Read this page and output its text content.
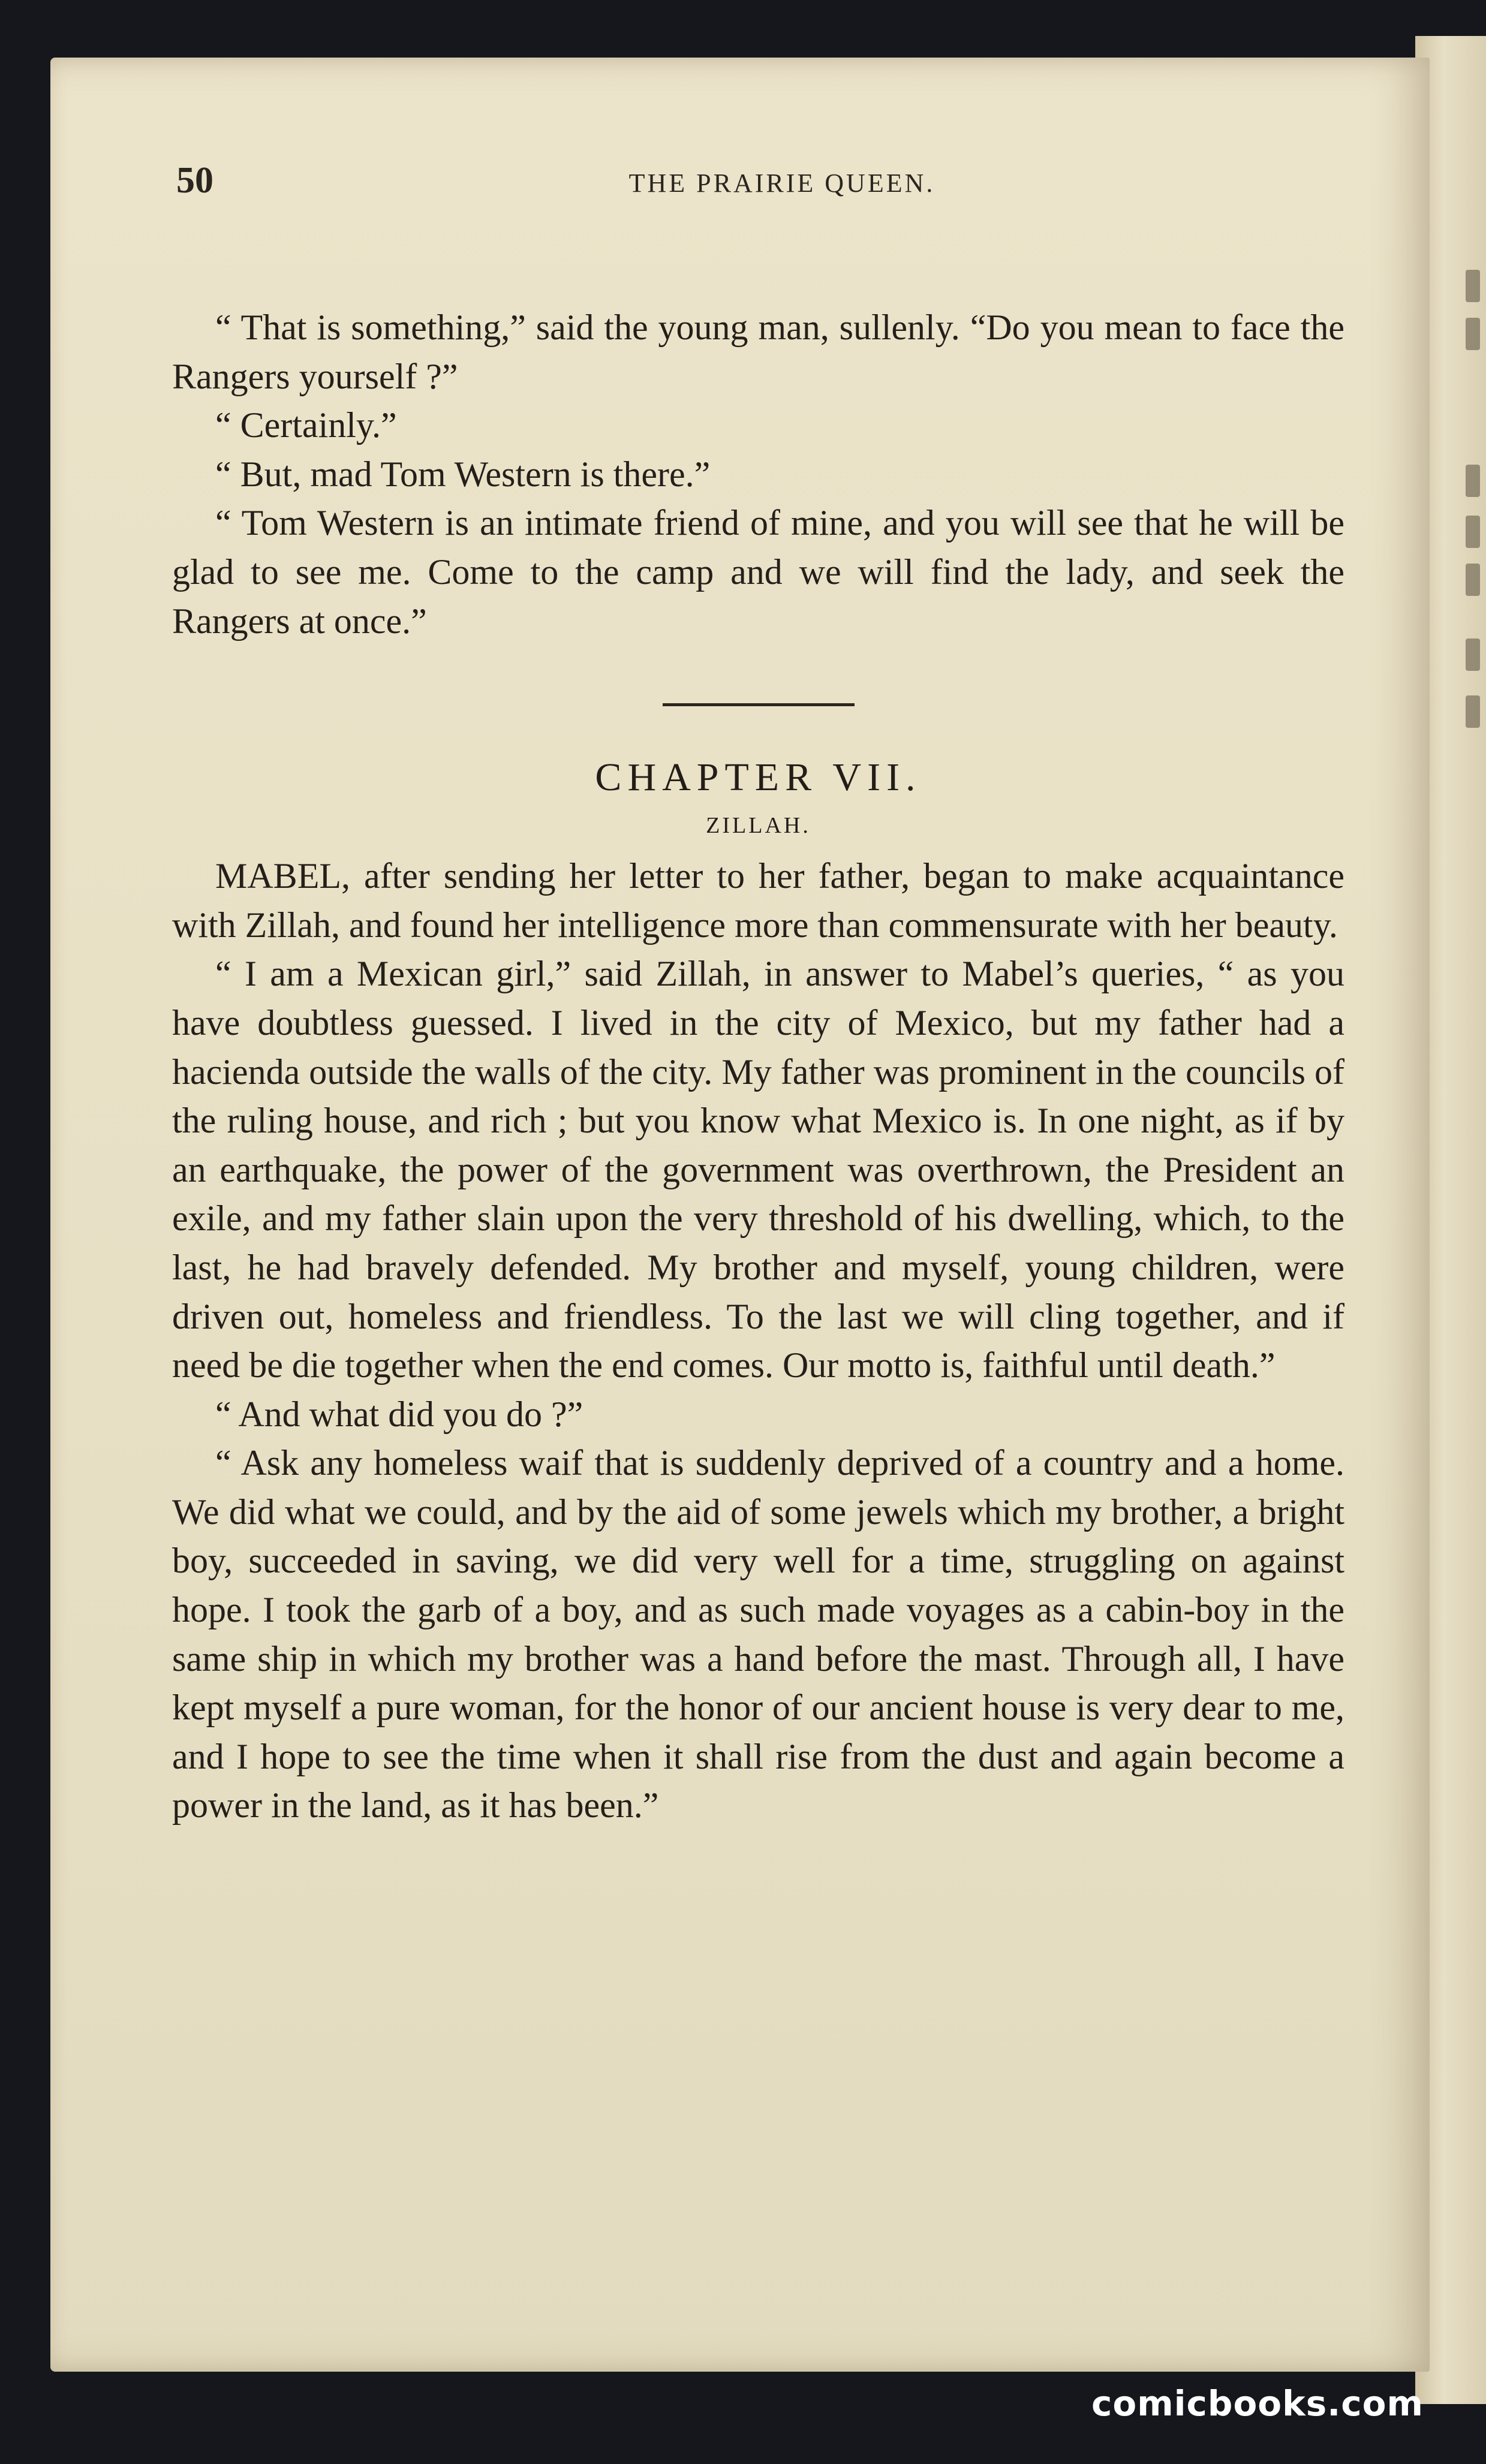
50	THE PRAIRIE QUEEN.

“ That is something,” said the young man, sullenly. “Do you mean to face the Rangers yourself ?”

“ Certainly.”

“ But, mad Tom Western is there.”

“ Tom Western is an intimate friend of mine, and you will see that he will be glad to see me. Come to the camp and we will find the lady, and seek the Rangers at once.”

CHAPTER VII.

ZILLAH.

MABEL, after sending her letter to her father, began to make acquaintance with Zillah, and found her intelligence more than commensurate with her beauty.

“ I am a Mexican girl,” said Zillah, in answer to Mabel’s queries, “ as you have doubtless guessed. I lived in the city of Mexico, but my father had a hacienda outside the walls of the city. My father was prominent in the councils of the ruling house, and rich ; but you know what Mexico is. In one night, as if by an earthquake, the power of the government was overthrown, the President an exile, and my father slain upon the very threshold of his dwelling, which, to the last, he had bravely defended. My brother and myself, young children, were driven out, homeless and friendless. To the last we will cling together, and if need be die together when the end comes. Our motto is, faithful until death.”

“ And what did you do ?”

“ Ask any homeless waif that is suddenly deprived of a country and a home. We did what we could, and by the aid of some jewels which my brother, a bright boy, succeeded in saving, we did very well for a time, struggling on against hope. I took the garb of a boy, and as such made voyages as a cabin-boy in the same ship in which my brother was a hand before the mast. Through all, I have kept myself a pure woman, for the honor of our ancient house is very dear to me, and I hope to see the time when it shall rise from the dust and again become a power in the land, as it has been.”

comicbooks.com
